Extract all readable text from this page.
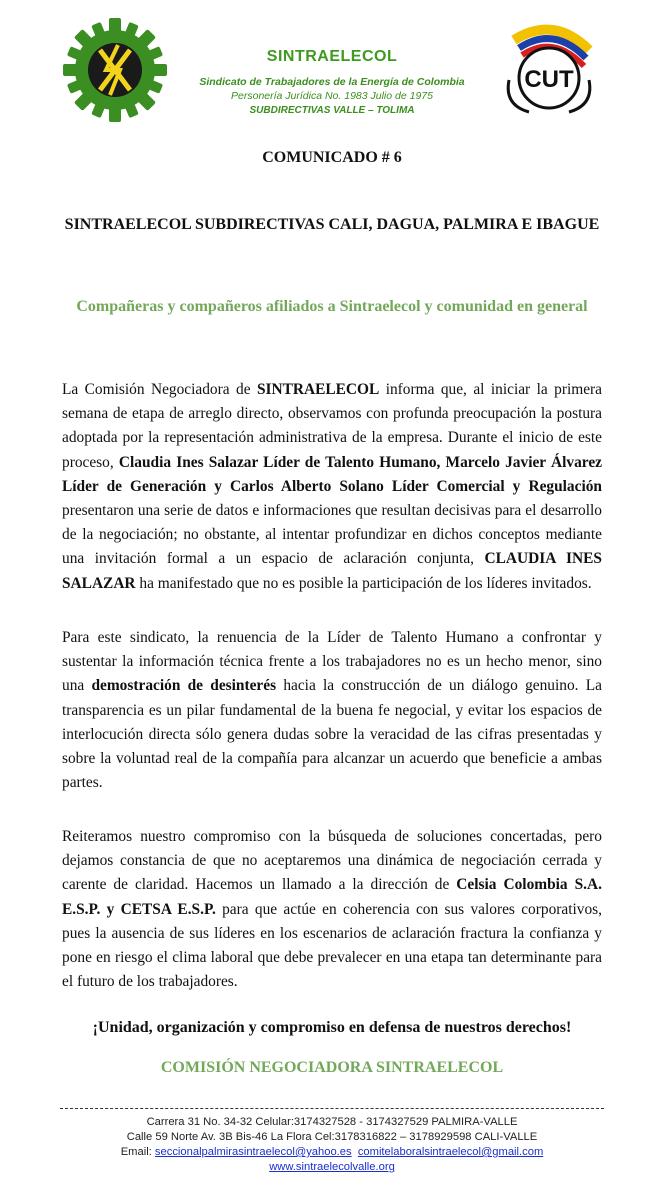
SINTRAELECOL
Sindicato de Trabajadores de la Energía de Colombia
Personería Jurídica No. 1983 Julio de 1975
SUBDIRECTIVAS VALLE – TOLIMA
CUT
COMUNICADO # 6
SINTRAELECOL SUBDIRECTIVAS CALI, DAGUA, PALMIRA E IBAGUE
Compañeras y compañeros afiliados a Sintraelecol y comunidad en general
La Comisión Negociadora de SINTRAELECOL informa que, al iniciar la primera semana de etapa de arreglo directo, observamos con profunda preocupación la postura adoptada por la representación administrativa de la empresa. Durante el inicio de este proceso, Claudia Ines Salazar Líder de Talento Humano, Marcelo Javier Álvarez Líder de Generación y Carlos Alberto Solano Líder Comercial y Regulación presentaron una serie de datos e informaciones que resultan decisivas para el desarrollo de la negociación; no obstante, al intentar profundizar en dichos conceptos mediante una invitación formal a un espacio de aclaración conjunta, CLAUDIA INES SALAZAR ha manifestado que no es posible la participación de los líderes invitados.
Para este sindicato, la renuencia de la Líder de Talento Humano a confrontar y sustentar la información técnica frente a los trabajadores no es un hecho menor, sino una demostración de desinterés hacia la construcción de un diálogo genuino. La transparencia es un pilar fundamental de la buena fe negocial, y evitar los espacios de interlocución directa sólo genera dudas sobre la veracidad de las cifras presentadas y sobre la voluntad real de la compañía para alcanzar un acuerdo que beneficie a ambas partes.
Reiteramos nuestro compromiso con la búsqueda de soluciones concertadas, pero dejamos constancia de que no aceptaremos una dinámica de negociación cerrada y carente de claridad. Hacemos un llamado a la dirección de Celsia Colombia S.A. E.S.P. y CETSA E.S.P. para que actúe en coherencia con sus valores corporativos, pues la ausencia de sus líderes en los escenarios de aclaración fractura la confianza y pone en riesgo el clima laboral que debe prevalecer en una etapa tan determinante para el futuro de los trabajadores.
¡Unidad, organización y compromiso en defensa de nuestros derechos!
COMISIÓN NEGOCIADORA SINTRAELECOL
Carrera 31 No. 34-32 Celular:3174327528 - 3174327529 PALMIRA-VALLE
Calle 59 Norte Av. 3B Bis-46 La Flora Cel:3178316822 – 3178929598 CALI-VALLE
Email: seccionalpalmirasintraelecol@yahoo.es comitelaboralsintraelecol@gmail.com
www.sintraelecolvalle.org
